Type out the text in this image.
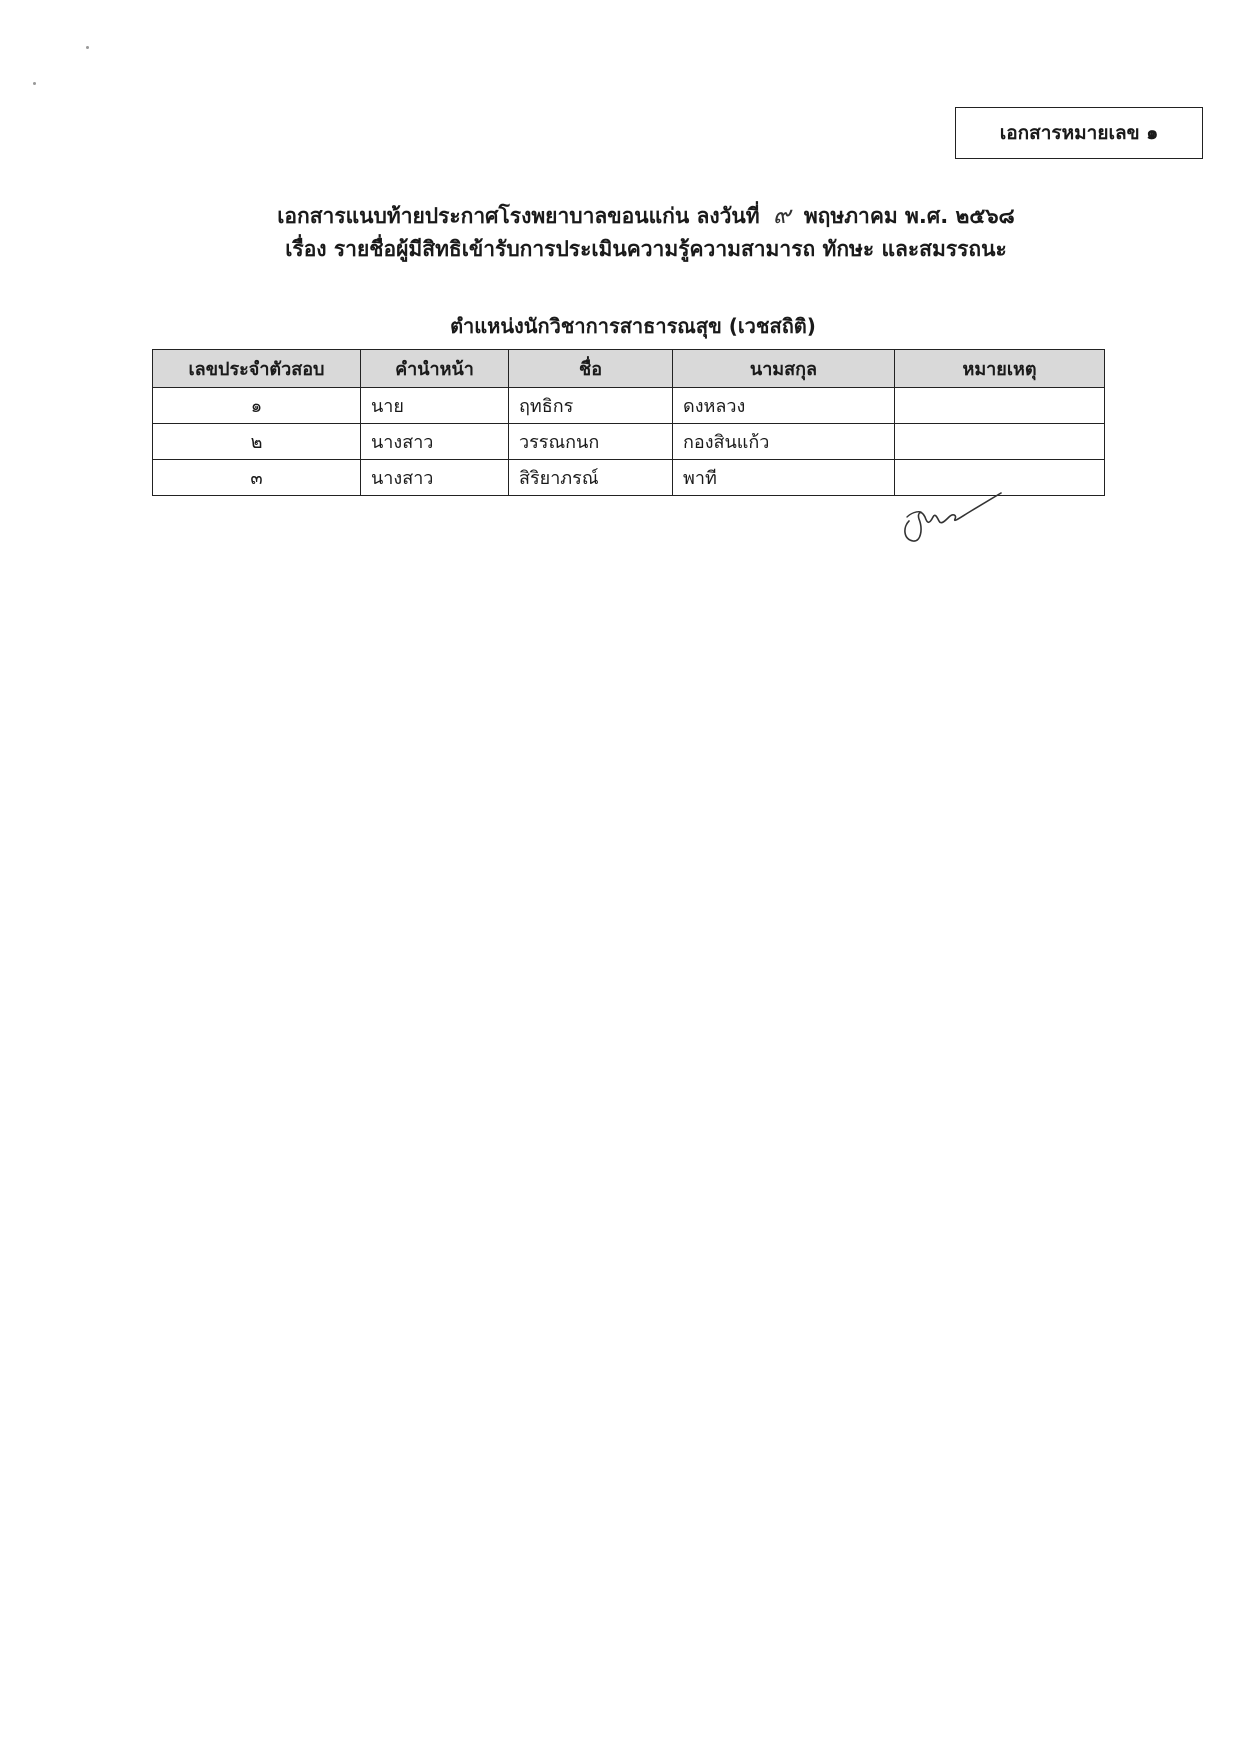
เอกสารหมายเลข ๑
เอกสารแนบท้ายประกาศโรงพยาบาลขอนแก่น ลงวันที่ ๙ พฤษภาคม พ.ศ. ๒๕๖๘
เรื่อง รายชื่อผู้มีสิทธิเข้ารับการประเมินความรู้ความสามารถ ทักษะ และสมรรถนะ
ตำแหน่งนักวิชาการสาธารณสุข (เวชสถิติ)
เลขประจำตัวสอบ	คำนำหน้า	ชื่อ	นามสกุล	หมายเหตุ
๑	นาย	ฤทธิกร	ดงหลวง	
๒	นางสาว	วรรณกนก	กองสินแก้ว	
๓	นางสาว	สิริยาภรณ์	พาที	
